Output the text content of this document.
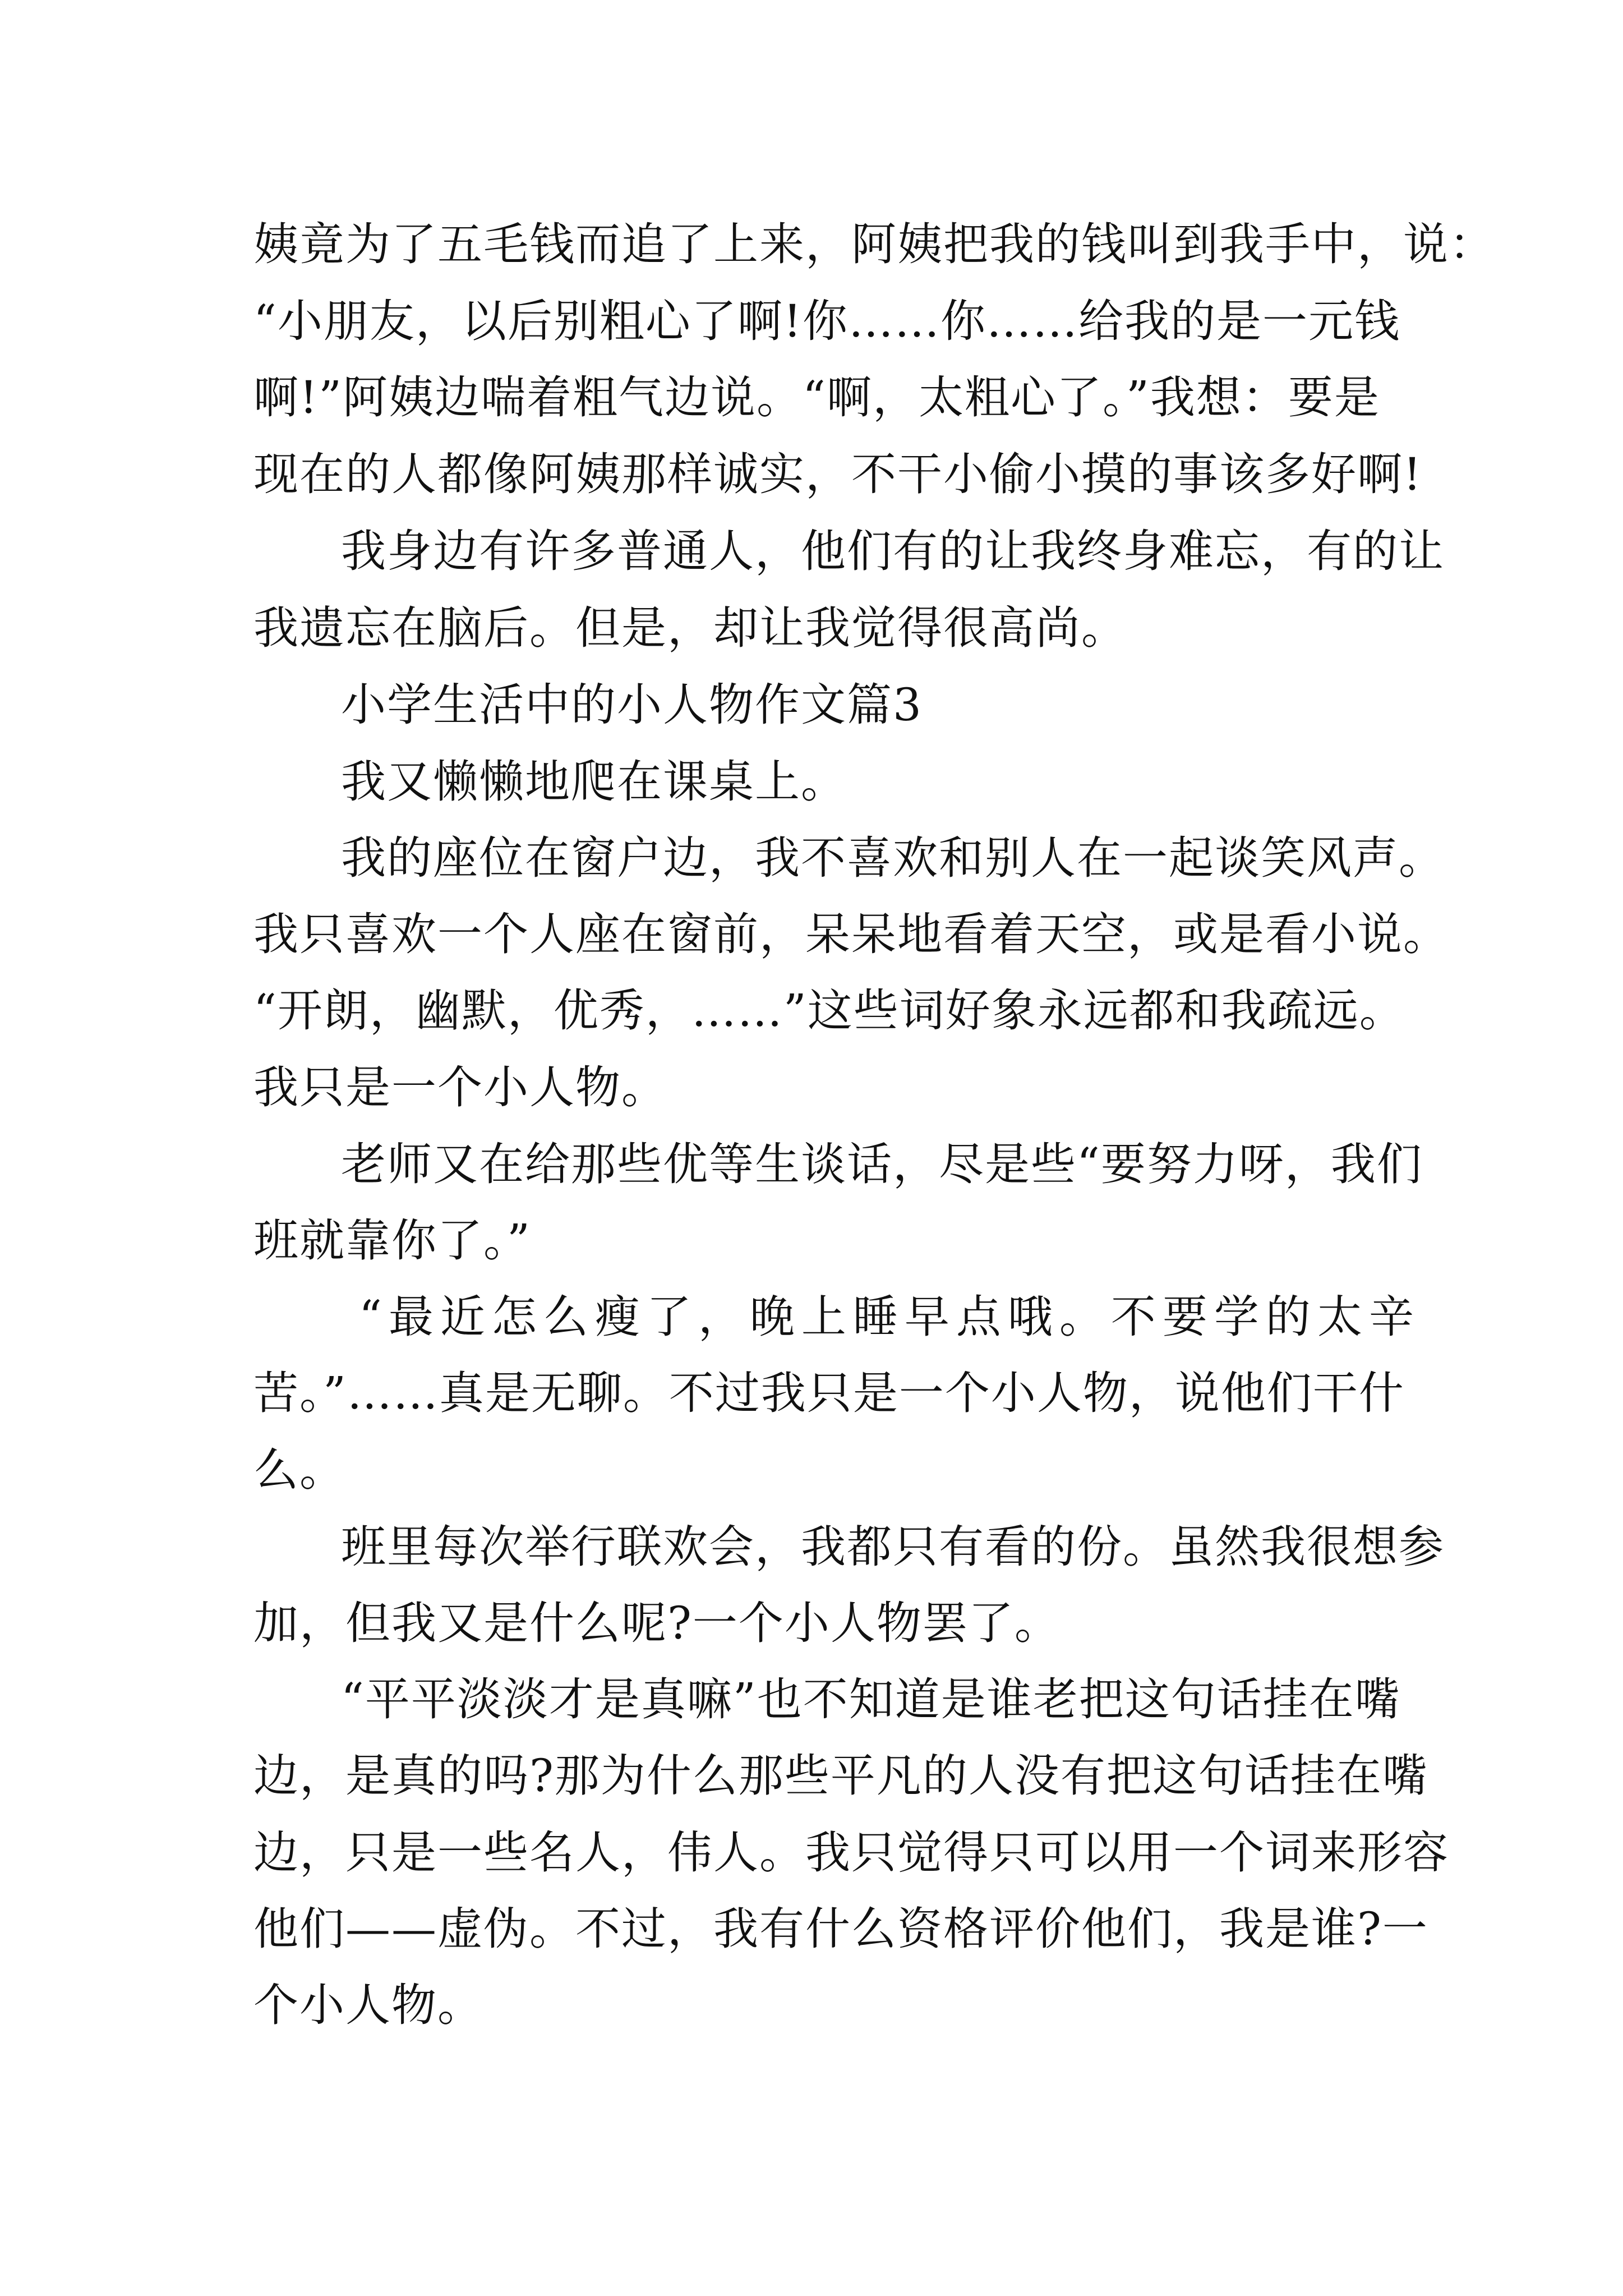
姨竟为了五毛钱而追了上来，阿姨把我的钱叫到我手中，说：
“小朋友，以后别粗心了啊!你……你……给我的是一元钱
啊!”阿姨边喘着粗气边说。“啊，太粗心了。”我想：要是
现在的人都像阿姨那样诚实，不干小偷小摸的事该多好啊!
我身边有许多普通人，他们有的让我终身难忘，有的让
我遗忘在脑后。但是，却让我觉得很高尚。
小学生活中的小人物作文篇3
我又懒懒地爬在课桌上。
我的座位在窗户边，我不喜欢和别人在一起谈笑风声。
我只喜欢一个人座在窗前，呆呆地看着天空，或是看小说。
“开朗，幽默，优秀，……”这些词好象永远都和我疏远。
我只是一个小人物。
老师又在给那些优等生谈话，尽是些“要努力呀，我们
班就靠你了。”
“最近怎么瘦了，晚上睡早点哦。不要学的太辛
苦。”……真是无聊。不过我只是一个小人物，说他们干什
么。
班里每次举行联欢会，我都只有看的份。虽然我很想参
加，但我又是什么呢?一个小人物罢了。
“平平淡淡才是真嘛”也不知道是谁老把这句话挂在嘴
边，是真的吗?那为什么那些平凡的人没有把这句话挂在嘴
边，只是一些名人，伟人。我只觉得只可以用一个词来形容
他们——虚伪。不过，我有什么资格评价他们，我是谁?一
个小人物。
